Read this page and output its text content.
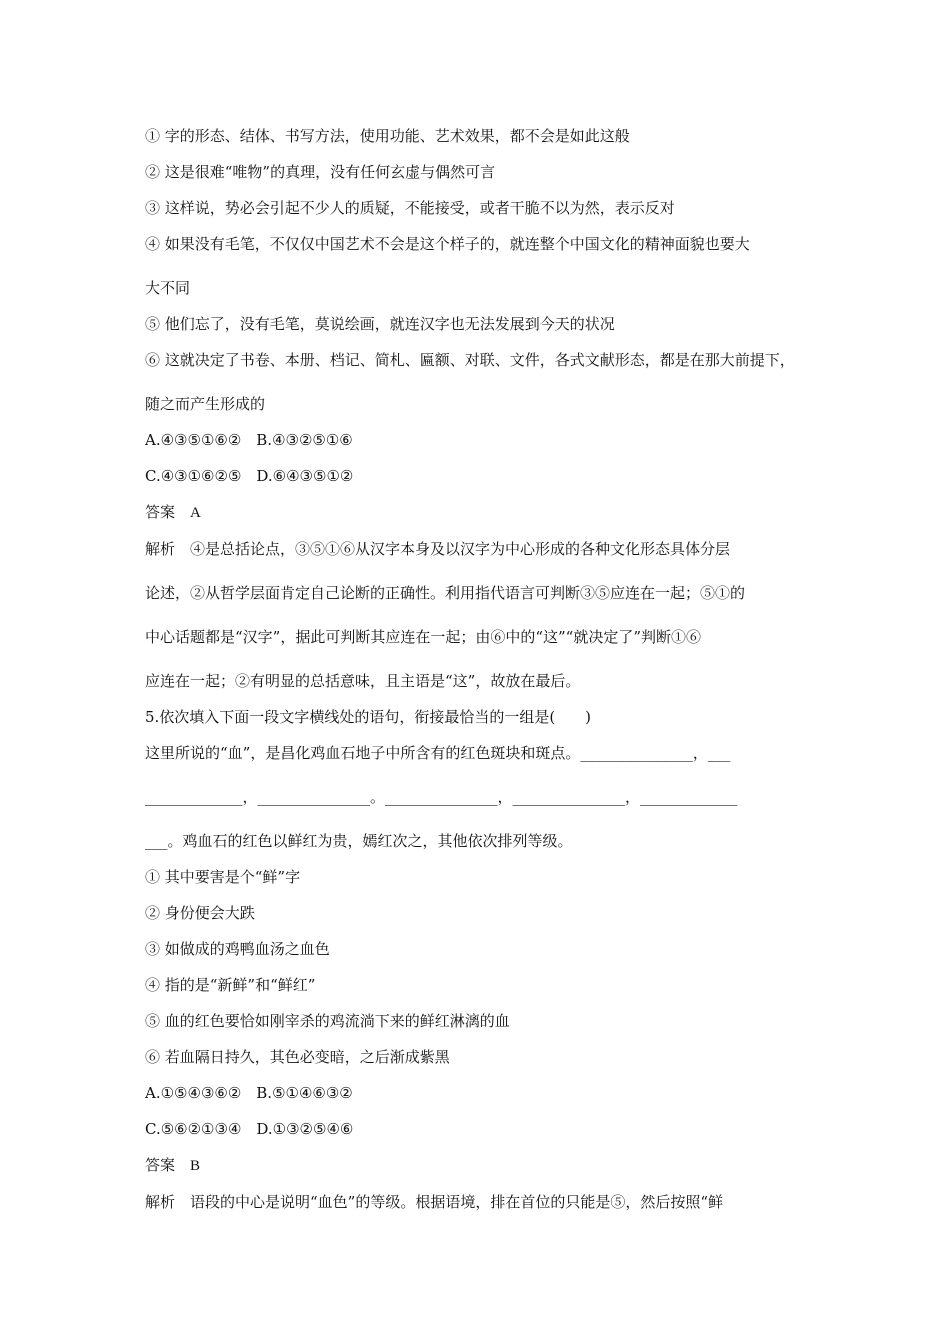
① 字的形态、结体、书写方法，使用功能、艺术效果，都不会是如此这般
② 这是很难“唯物”的真理，没有任何玄虚与偶然可言
③ 这样说，势必会引起不少人的质疑，不能接受，或者干脆不以为然，表示反对
④ 如果没有毛笔，不仅仅中国艺术不会是这个样子的，就连整个中国文化的精神面貌也要大
大不同
⑤ 他们忘了，没有毛笔，莫说绘画，就连汉字也无法发展到今天的状况
⑥ 这就决定了书卷、本册、档记、简札、匾额、对联、文件，各式文献形态，都是在那大前提下，
随之而产生形成的
A.④③⑤①⑥②　B.④③②⑤①⑥
C.④③①⑥②⑤　D.⑥④③⑤①②
答案 A
解析 ④是总括论点，③⑤①⑥从汉字本身及以汉字为中心形成的各种文化形态具体分层
论述，②从哲学层面肯定自己论断的正确性。利用指代语言可判断③⑤应连在一起；⑤①的
中心话题都是“汉字”，据此可判断其应连在一起；由⑥中的“这”“就决定了”判断①⑥
应连在一起；②有明显的总括意味，且主语是“这”，故放在最后。
5.依次填入下面一段文字横线处的语句，衔接最恰当的一组是(　　)
这里所说的“血”，是昌化鸡血石地子中所含有的红色斑块和斑点。_______________，___
_____________，_______________。_______________，_______________，_____________
___。鸡血石的红色以鲜红为贵，嫣红次之，其他依次排列等级。
① 其中要害是个“鲜”字
② 身份便会大跌
③ 如做成的鸡鸭血汤之血色
④ 指的是“新鲜”和“鲜红”
⑤ 血的红色要恰如刚宰杀的鸡流淌下来的鲜红淋漓的血
⑥ 若血隔日持久，其色必变暗，之后渐成紫黑
A.①⑤④③⑥②　B.⑤①④⑥③②
C.⑤⑥②①③④　D.①③②⑤④⑥
答案 B
解析 语段的中心是说明“血色”的等级。根据语境，排在首位的只能是⑤，然后按照“鲜
